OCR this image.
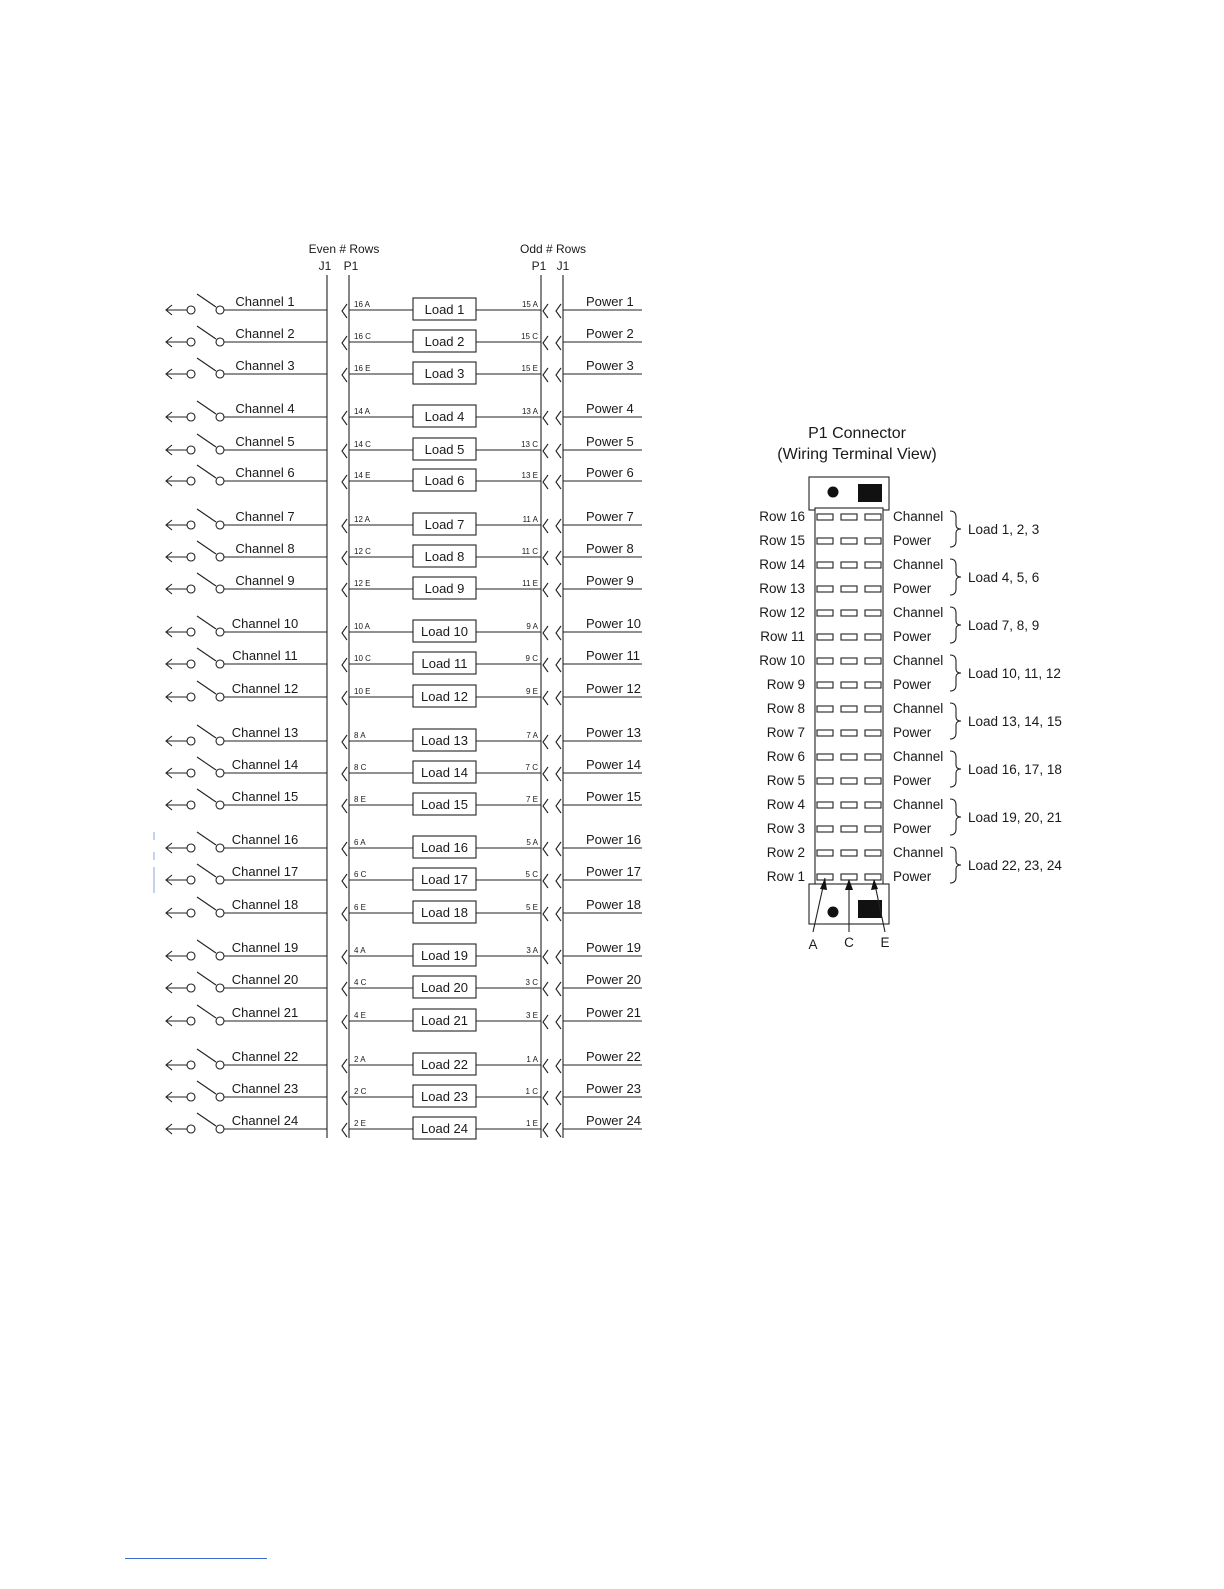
Even # Rows
J1 P1
Odd # Rows
P1 J1
Channel 1	16 A	Load 1	15 A	Power 1
Channel 2	16 C	Load 2	15 C	Power 2
Channel 3	16 E	Load 3	15 E	Power 3
Channel 4	14 A	Load 4	13 A	Power 4
Channel 5	14 C	Load 5	13 C	Power 5
Channel 6	14 E	Load 6	13 E	Power 6
Channel 7	12 A	Load 7	11 A	Power 7
Channel 8	12 C	Load 8	11 C	Power 8
Channel 9	12 E	Load 9	11 E	Power 9
Channel 10	10 A	Load 10	9 A	Power 10
Channel 11	10 C	Load 11	9 C	Power 11
Channel 12	10 E	Load 12	9 E	Power 12
Channel 13	8 A	Load 13	7 A	Power 13
Channel 14	8 C	Load 14	7 C	Power 14
Channel 15	8 E	Load 15	7 E	Power 15
Channel 16	6 A	Load 16	5 A	Power 16
Channel 17	6 C	Load 17	5 C	Power 17
Channel 18	6 E	Load 18	5 E	Power 18
Channel 19	4 A	Load 19	3 A	Power 19
Channel 20	4 C	Load 20	3 C	Power 20
Channel 21	4 E	Load 21	3 E	Power 21
Channel 22	2 A	Load 22	1 A	Power 22
Channel 23	2 C	Load 23	1 C	Power 23
Channel 24	2 E	Load 24	1 E	Power 24
P1 Connector
(Wiring Terminal View)
Row 16	Channel
Row 15	Power
Row 14	Channel
Row 13	Power
Row 12	Channel
Row 11	Power
Row 10	Channel
Row 9	Power
Row 8	Channel
Row 7	Power
Row 6	Channel
Row 5	Power
Row 4	Channel
Row 3	Power
Row 2	Channel
Row 1	Power
Load 1, 2, 3
Load 4, 5, 6
Load 7, 8, 9
Load 10, 11, 12
Load 13, 14, 15
Load 16, 17, 18
Load 19, 20, 21
Load 22, 23, 24
A C E
